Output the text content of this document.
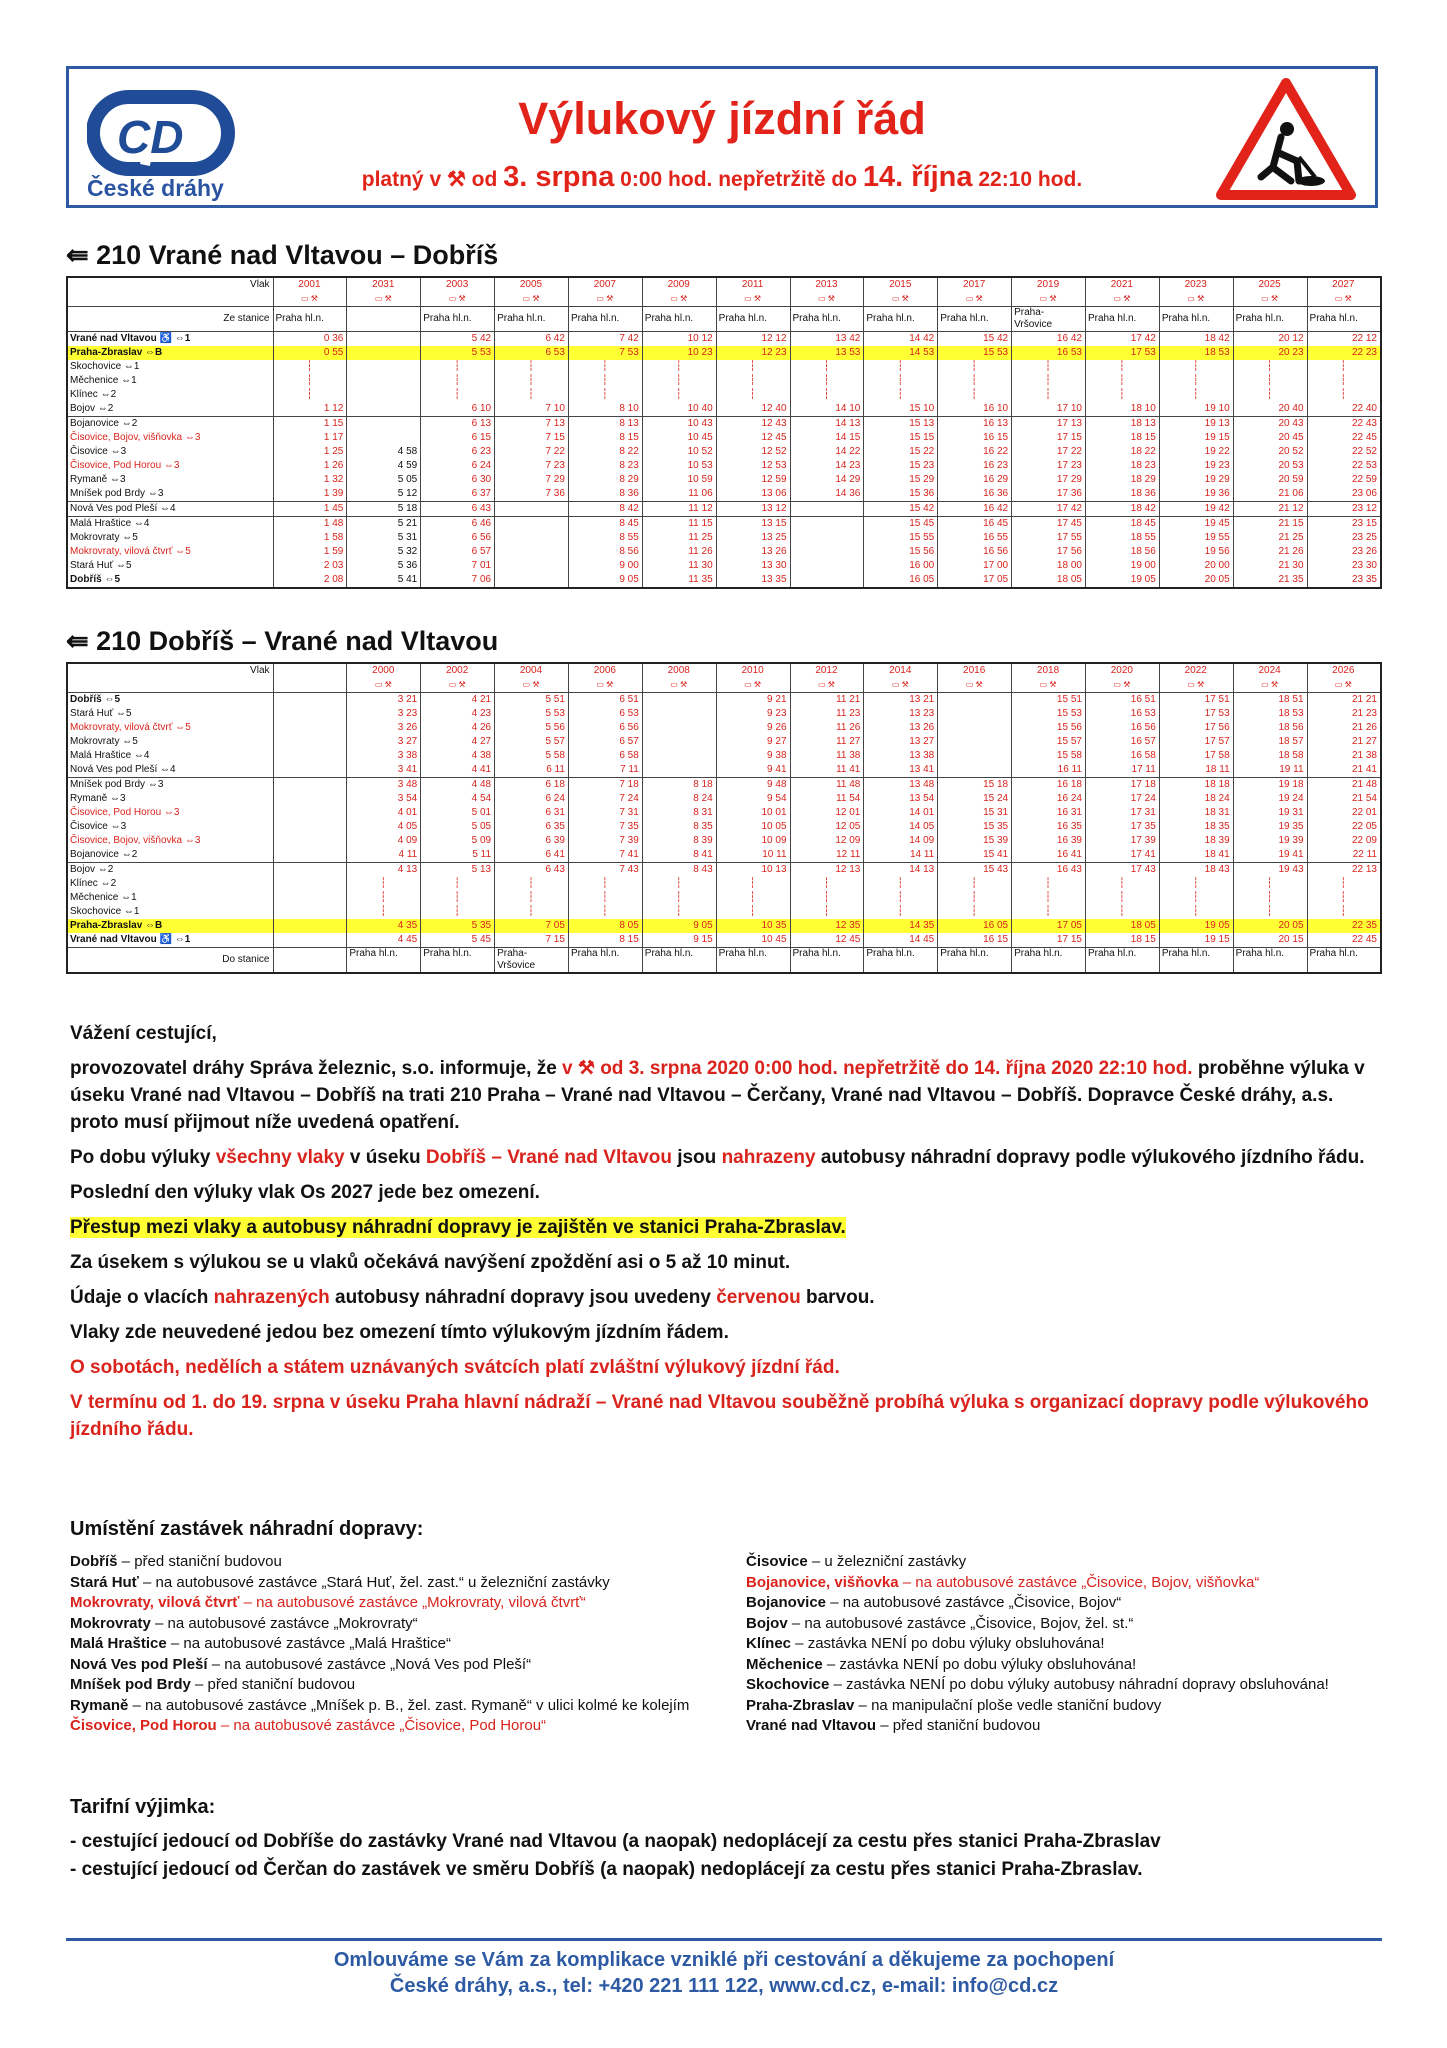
CD
České dráhy
Výlukový jízdní řád
platný v ⚒ od 3. srpna 0:00 hod. nepřetržitě do 14. října 22:10 hod.
⇚ 210 Vrané nad Vltavou – Dobříš
Vlak	2001	2031	2003	2005	2007	2009	2011	2013	2015	2017	2019	2021	2023	2025	2027
	▭ ⚒	▭ ⚒	▭ ⚒	▭ ⚒	▭ ⚒	▭ ⚒	▭ ⚒	▭ ⚒	▭ ⚒	▭ ⚒	▭ ⚒	▭ ⚒	▭ ⚒	▭ ⚒	▭ ⚒
Ze stanice	Praha hl.n.		Praha hl.n.	Praha hl.n.	Praha hl.n.	Praha hl.n.	Praha hl.n.	Praha hl.n.	Praha hl.n.	Praha hl.n.	Praha-Vršovice	Praha hl.n.	Praha hl.n.	Praha hl.n.	Praha hl.n.
Vrané nad Vltavou ♿ ⇔1	0 36		5 42	6 42	7 42	10 12	12 12	13 42	14 42	15 42	16 42	17 42	18 42	20 12	22 12
Praha-Zbraslav ⇔B	0 55		5 53	6 53	7 53	10 23	12 23	13 53	14 53	15 53	16 53	17 53	18 53	20 23	22 23
Skochovice ⇔1	┆		┆	┆	┆	┆	┆	┆	┆	┆	┆	┆	┆	┆	┆
Měchenice ⇔1	┆		┆	┆	┆	┆	┆	┆	┆	┆	┆	┆	┆	┆	┆
Klínec ⇔2	┆		┆	┆	┆	┆	┆	┆	┆	┆	┆	┆	┆	┆	┆
Bojov ⇔2	1 12		6 10	7 10	8 10	10 40	12 40	14 10	15 10	16 10	17 10	18 10	19 10	20 40	22 40
Bojanovice ⇔2	1 15		6 13	7 13	8 13	10 43	12 43	14 13	15 13	16 13	17 13	18 13	19 13	20 43	22 43
Čisovice, Bojov, višňovka ⇔3	1 17		6 15	7 15	8 15	10 45	12 45	14 15	15 15	16 15	17 15	18 15	19 15	20 45	22 45
Čisovice ⇔3	1 25	4 58	6 23	7 22	8 22	10 52	12 52	14 22	15 22	16 22	17 22	18 22	19 22	20 52	22 52
Čisovice, Pod Horou ⇔3	1 26	4 59	6 24	7 23	8 23	10 53	12 53	14 23	15 23	16 23	17 23	18 23	19 23	20 53	22 53
Rymaně ⇔3	1 32	5 05	6 30	7 29	8 29	10 59	12 59	14 29	15 29	16 29	17 29	18 29	19 29	20 59	22 59
Mníšek pod Brdy ⇔3	1 39	5 12	6 37	7 36	8 36	11 06	13 06	14 36	15 36	16 36	17 36	18 36	19 36	21 06	23 06
Nová Ves pod Pleší ⇔4	1 45	5 18	6 43		8 42	11 12	13 12		15 42	16 42	17 42	18 42	19 42	21 12	23 12
Malá Hraštice ⇔4	1 48	5 21	6 46		8 45	11 15	13 15		15 45	16 45	17 45	18 45	19 45	21 15	23 15
Mokrovraty ⇔5	1 58	5 31	6 56		8 55	11 25	13 25		15 55	16 55	17 55	18 55	19 55	21 25	23 25
Mokrovraty, vilová čtvrť ⇔5	1 59	5 32	6 57		8 56	11 26	13 26		15 56	16 56	17 56	18 56	19 56	21 26	23 26
Stará Huť ⇔5	2 03	5 36	7 01		9 00	11 30	13 30		16 00	17 00	18 00	19 00	20 00	21 30	23 30
Dobříš ⇔5	2 08	5 41	7 06		9 05	11 35	13 35		16 05	17 05	18 05	19 05	20 05	21 35	23 35
⇚ 210 Dobříš – Vrané nad Vltavou
Vlak		2000	2002	2004	2006	2008	2010	2012	2014	2016	2018	2020	2022	2024	2026
		▭ ⚒	▭ ⚒	▭ ⚒	▭ ⚒	▭ ⚒	▭ ⚒	▭ ⚒	▭ ⚒	▭ ⚒	▭ ⚒	▭ ⚒	▭ ⚒	▭ ⚒	▭ ⚒
Dobříš ⇔5		3 21	4 21	5 51	6 51		9 21	11 21	13 21		15 51	16 51	17 51	18 51	21 21
Stará Huť ⇔5		3 23	4 23	5 53	6 53		9 23	11 23	13 23		15 53	16 53	17 53	18 53	21 23
Mokrovraty, vilová čtvrť ⇔5		3 26	4 26	5 56	6 56		9 26	11 26	13 26		15 56	16 56	17 56	18 56	21 26
Mokrovraty ⇔5		3 27	4 27	5 57	6 57		9 27	11 27	13 27		15 57	16 57	17 57	18 57	21 27
Malá Hraštice ⇔4		3 38	4 38	5 58	6 58		9 38	11 38	13 38		15 58	16 58	17 58	18 58	21 38
Nová Ves pod Pleší ⇔4		3 41	4 41	6 11	7 11		9 41	11 41	13 41		16 11	17 11	18 11	19 11	21 41
Mníšek pod Brdy ⇔3		3 48	4 48	6 18	7 18	8 18	9 48	11 48	13 48	15 18	16 18	17 18	18 18	19 18	21 48
Rymaně ⇔3		3 54	4 54	6 24	7 24	8 24	9 54	11 54	13 54	15 24	16 24	17 24	18 24	19 24	21 54
Čisovice, Pod Horou ⇔3		4 01	5 01	6 31	7 31	8 31	10 01	12 01	14 01	15 31	16 31	17 31	18 31	19 31	22 01
Čisovice ⇔3		4 05	5 05	6 35	7 35	8 35	10 05	12 05	14 05	15 35	16 35	17 35	18 35	19 35	22 05
Čisovice, Bojov, višňovka ⇔3		4 09	5 09	6 39	7 39	8 39	10 09	12 09	14 09	15 39	16 39	17 39	18 39	19 39	22 09
Bojanovice ⇔2		4 11	5 11	6 41	7 41	8 41	10 11	12 11	14 11	15 41	16 41	17 41	18 41	19 41	22 11
Bojov ⇔2		4 13	5 13	6 43	7 43	8 43	10 13	12 13	14 13	15 43	16 43	17 43	18 43	19 43	22 13
Klínec ⇔2		┆	┆	┆	┆	┆	┆	┆	┆	┆	┆	┆	┆	┆	┆
Měchenice ⇔1		┆	┆	┆	┆	┆	┆	┆	┆	┆	┆	┆	┆	┆	┆
Skochovice ⇔1		┆	┆	┆	┆	┆	┆	┆	┆	┆	┆	┆	┆	┆	┆
Praha-Zbraslav ⇔B		4 35	5 35	7 05	8 05	9 05	10 35	12 35	14 35	16 05	17 05	18 05	19 05	20 05	22 35
Vrané nad Vltavou ♿ ⇔1		4 45	5 45	7 15	8 15	9 15	10 45	12 45	14 45	16 15	17 15	18 15	19 15	20 15	22 45
Do stanice		Praha hl.n.	Praha hl.n.	Praha-Vršovice	Praha hl.n.	Praha hl.n.	Praha hl.n.	Praha hl.n.	Praha hl.n.	Praha hl.n.	Praha hl.n.	Praha hl.n.	Praha hl.n.	Praha hl.n.	Praha hl.n.

Vážení cestující,

provozovatel dráhy Správa železnic, s.o. informuje, že v ⚒ od 3. srpna 2020 0:00 hod. nepřetržitě do 14. října 2020 22:10 hod. proběhne výluka v úseku Vrané nad Vltavou – Dobříš na trati 210 Praha – Vrané nad Vltavou – Čerčany, Vrané nad Vltavou – Dobříš. Dopravce České dráhy, a.s. proto musí přijmout níže uvedená opatření.

Po dobu výluky všechny vlaky v úseku Dobříš – Vrané nad Vltavou jsou nahrazeny autobusy náhradní dopravy podle výlukového jízdního řádu.

Poslední den výluky vlak Os 2027 jede bez omezení.

Přestup mezi vlaky a autobusy náhradní dopravy je zajištěn ve stanici Praha-Zbraslav.

Za úsekem s výlukou se u vlaků očekává navýšení zpoždění asi o 5 až 10 minut.

Údaje o vlacích nahrazených autobusy náhradní dopravy jsou uvedeny červenou barvou.

Vlaky zde neuvedené jedou bez omezení tímto výlukovým jízdním řádem.

O sobotách, nedělích a státem uznávaných svátcích platí zvláštní výlukový jízdní řád.

V termínu od 1. do 19. srpna v úseku Praha hlavní nádraží – Vrané nad Vltavou souběžně probíhá výluka s organizací dopravy podle výlukového jízdního řádu.

Umístění zastávek náhradní dopravy:
Dobříš – před staniční budovou
Stará Huť – na autobusové zastávce „Stará Huť, žel. zast.“ u železniční zastávky
Mokrovraty, vilová čtvrť – na autobusové zastávce „Mokrovraty, vilová čtvrť“
Mokrovraty – na autobusové zastávce „Mokrovraty“
Malá Hraštice – na autobusové zastávce „Malá Hraštice“
Nová Ves pod Pleší – na autobusové zastávce „Nová Ves pod Pleší“
Mníšek pod Brdy – před staniční budovou
Rymaně – na autobusové zastávce „Mníšek p. B., žel. zast. Rymaně“ v ulici kolmé ke kolejím
Čisovice, Pod Horou – na autobusové zastávce „Čisovice, Pod Horou“
Čisovice – u železniční zastávky
Bojanovice, višňovka – na autobusové zastávce „Čisovice, Bojov, višňovka“
Bojanovice – na autobusové zastávce „Čisovice, Bojov“
Bojov – na autobusové zastávce „Čisovice, Bojov, žel. st.“
Klínec – zastávka NENÍ po dobu výluky obsluhována!
Měchenice – zastávka NENÍ po dobu výluky obsluhována!
Skochovice – zastávka NENÍ po dobu výluky autobusy náhradní dopravy obsluhována!
Praha-Zbraslav – na manipulační ploše vedle staniční budovy
Vrané nad Vltavou – před staniční budovou
Tarifní výjimka:
- cestující jedoucí od Dobříše do zastávky Vrané nad Vltavou (a naopak) nedoplácejí za cestu přes stanici Praha-Zbraslav
- cestující jedoucí od Čerčan do zastávek ve směru Dobříš (a naopak) nedoplácejí za cestu přes stanici Praha-Zbraslav.
Omlouváme se Vám za komplikace vzniklé při cestování a děkujeme za pochopení
České dráhy, a.s., tel: +420 221 111 122, www.cd.cz, e-mail: info@cd.cz
